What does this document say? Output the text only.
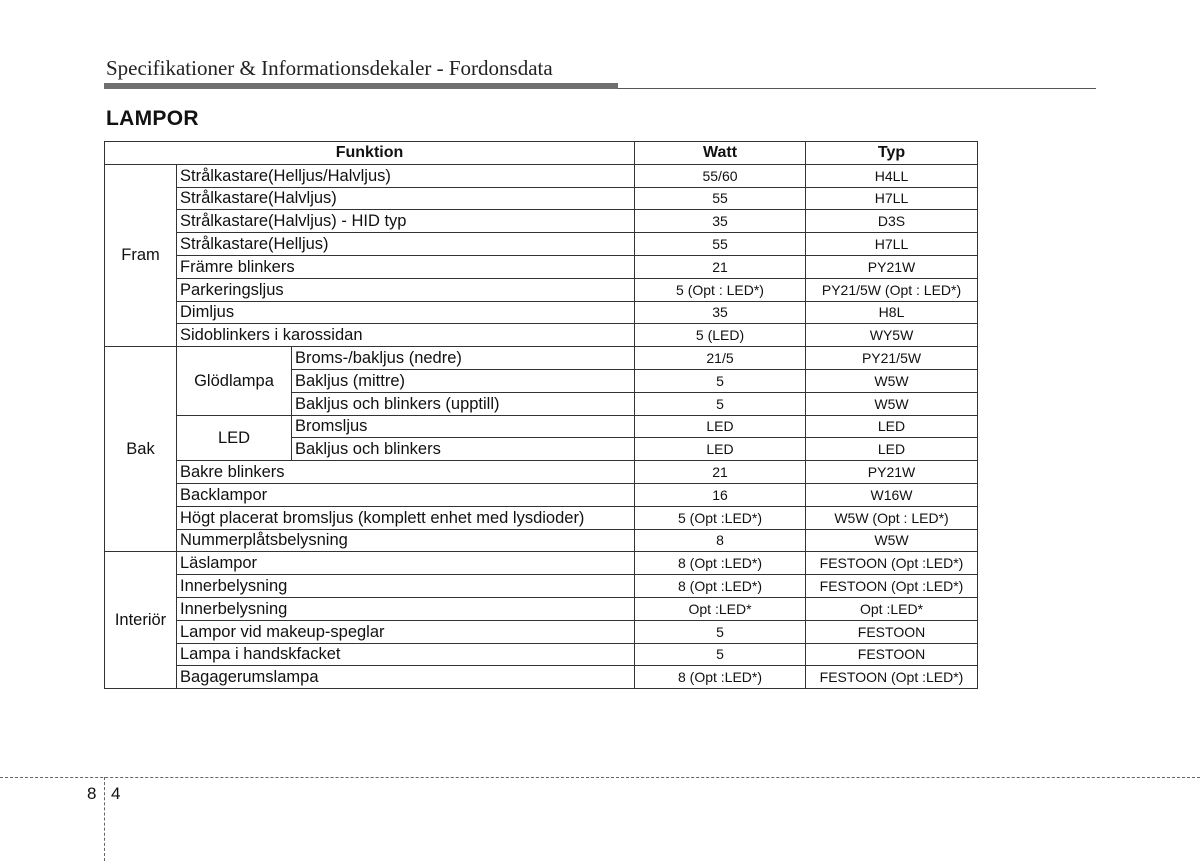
Specifikationer & Informationsdekaler - Fordonsdata
LAMPOR
Funktion			Watt	Typ
Fram	Strålkastare(Helljus/Halvljus)		55/60	H4LL
	Strålkastare(Halvljus)		55	H7LL
	Strålkastare(Halvljus) - HID typ		35	D3S
	Strålkastare(Helljus)		55	H7LL
	Främre blinkers		21	PY21W
	Parkeringsljus		5 (Opt : LED*)	PY21/5W (Opt : LED*)
	Dimljus		35	H8L
	Sidoblinkers i karossidan		5 (LED)	WY5W
Bak	Glödlampa	Broms-/bakljus (nedre)	21/5	PY21/5W
		Bakljus (mittre)	5	W5W
		Bakljus och blinkers (upptill)	5	W5W
	LED	Bromsljus	LED	LED
		Bakljus och blinkers	LED	LED
	Bakre blinkers		21	PY21W
	Backlampor		16	W16W
	Högt placerat bromsljus (komplett enhet med lysdioder)		5 (Opt :LED*)	W5W (Opt : LED*)
	Nummerplåtsbelysning		8	W5W
Interiör	Läslampor		8 (Opt :LED*)	FESTOON (Opt :LED*)
	Innerbelysning		8 (Opt :LED*)	FESTOON (Opt :LED*)
	Innerbelysning		Opt :LED*	Opt :LED*
	Lampor vid makeup-speglar		5	FESTOON
	Lampa i handskfacket		5	FESTOON
	Bagagerumslampa		8 (Opt :LED*)	FESTOON (Opt :LED*)
8 4
